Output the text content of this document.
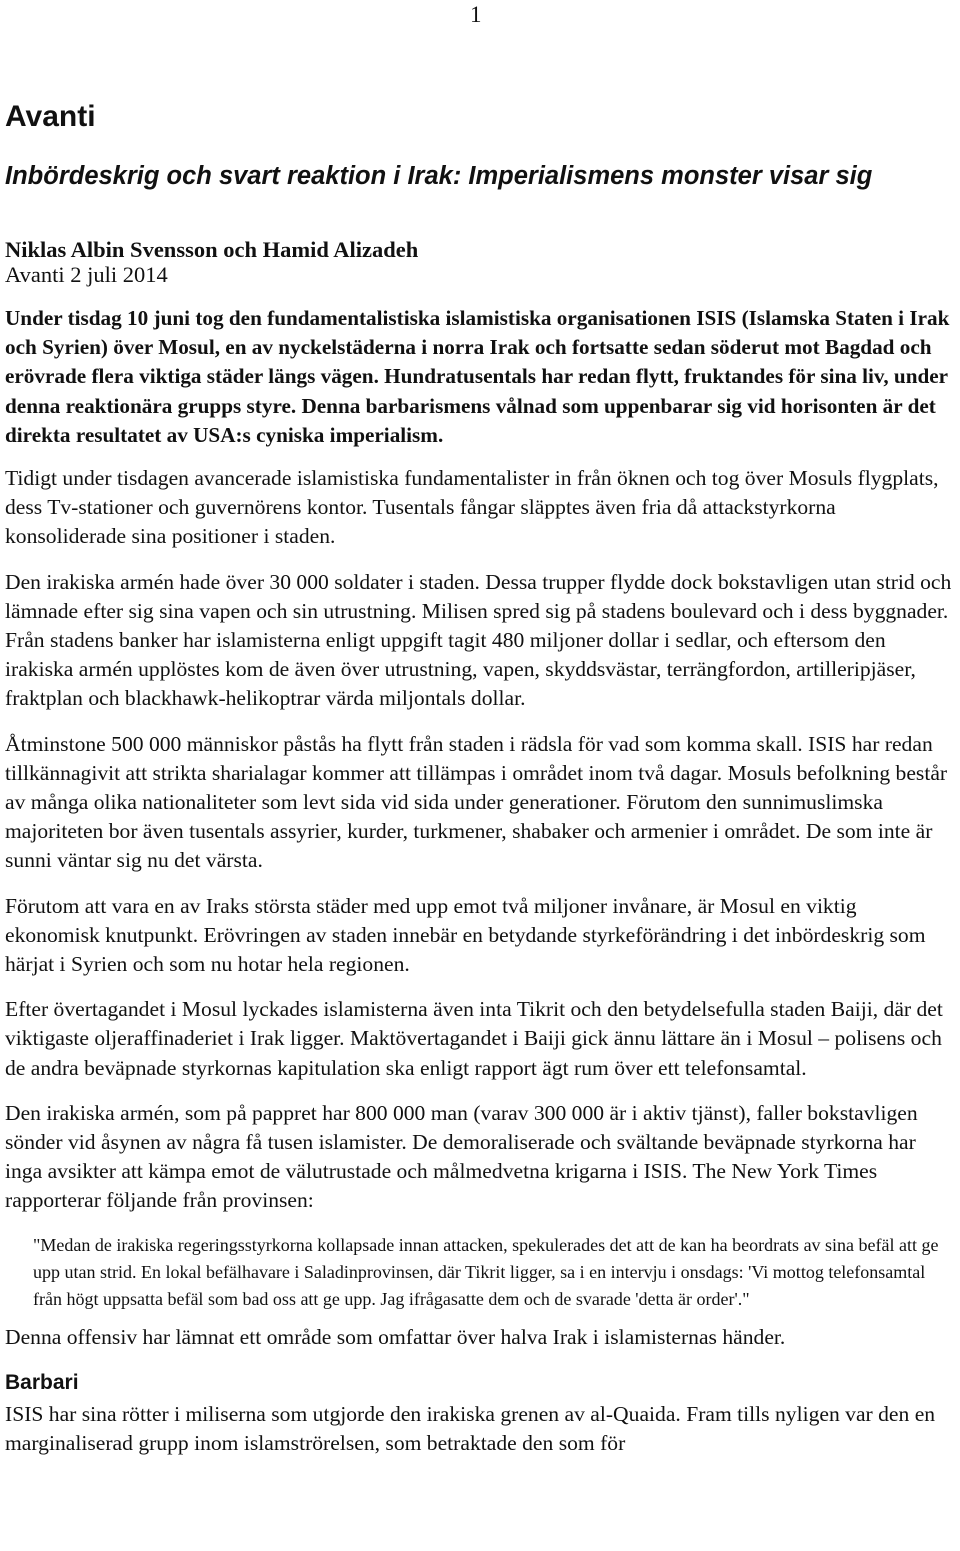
1
Avanti
Inbördeskrig och svart reaktion i Irak: Imperialismens monster visar sig
Niklas Albin Svensson och Hamid Alizadeh
Avanti 2 juli 2014

Under tisdag 10 juni tog den fundamentalistiska islamistiska organisationen ISIS (Islamska Staten i Irak och Syrien) över Mosul, en av nyckelstäderna i norra Irak och fortsatte sedan söderut mot Bagdad och erövrade flera viktiga städer längs vägen. Hundratusentals har redan flytt, fruktandes för sina liv, under denna reaktionära grupps styre. Denna barbarismens vålnad som uppenbarar sig vid horisonten är det direkta resultatet av USA:s cyniska imperialism.

Tidigt under tisdagen avancerade islamistiska fundamentalister in från öknen och tog över Mosuls flygplats, dess Tv-stationer och guvernörens kontor. Tusentals fångar släpptes även fria då attackstyrkorna konsoliderade sina positioner i staden.

Den irakiska armén hade över 30 000 soldater i staden. Dessa trupper flydde dock bokstavligen utan strid och lämnade efter sig sina vapen och sin utrustning. Milisen spred sig på stadens boulevard och i dess byggnader. Från stadens banker har islamisterna enligt uppgift tagit 480 miljoner dollar i sedlar, och eftersom den irakiska armén upplöstes kom de även över utrustning, vapen, skyddsvästar, terrängfordon, artilleripjäser, fraktplan och blackhawk-helikoptrar värda miljontals dollar.

Åtminstone 500 000 människor påstås ha flytt från staden i rädsla för vad som komma skall. ISIS har redan tillkännagivit att strikta sharialagar kommer att tillämpas i området inom två dagar. Mosuls befolkning består av många olika nationaliteter som levt sida vid sida under generationer. Förutom den sunnimuslimska majoriteten bor även tusentals assyrier, kurder, turkmener, shabaker och armenier i området. De som inte är sunni väntar sig nu det värsta.

Förutom att vara en av Iraks största städer med upp emot två miljoner invånare, är Mosul en viktig ekonomisk knutpunkt. Erövringen av staden innebär en betydande styrkeförändring i det inbördeskrig som härjat i Syrien och som nu hotar hela regionen.

Efter övertagandet i Mosul lyckades islamisterna även inta Tikrit och den betydelsefulla staden Baiji, där det viktigaste oljeraffinaderiet i Irak ligger. Maktövertagandet i Baiji gick ännu lättare än i Mosul – polisens och de andra beväpnade styrkornas kapitulation ska enligt rapport ägt rum över ett telefonsamtal.

Den irakiska armén, som på pappret har 800 000 man (varav 300 000 är i aktiv tjänst), faller bokstavligen sönder vid åsynen av några få tusen islamister. De demoraliserade och svältande beväpnade styrkorna har inga avsikter att kämpa emot de välutrustade och målmedvetna krigarna i ISIS. The New York Times rapporterar följande från provinsen:

"Medan de irakiska regeringsstyrkorna kollapsade innan attacken, spekulerades det att de kan ha beordrats av sina befäl att ge upp utan strid. En lokal befälhavare i Saladinprovinsen, där Tikrit ligger, sa i en intervju i onsdags: 'Vi mottog telefonsamtal från högt uppsatta befäl som bad oss att ge upp. Jag ifrågasatte dem och de svarade 'detta är order'."

Denna offensiv har lämnat ett område som omfattar över halva Irak i islamisternas händer.

Barbari

ISIS har sina rötter i miliserna som utgjorde den irakiska grenen av al-Quaida. Fram tills nyligen var den en marginaliserad grupp inom islamströrelsen, som betraktade den som för
